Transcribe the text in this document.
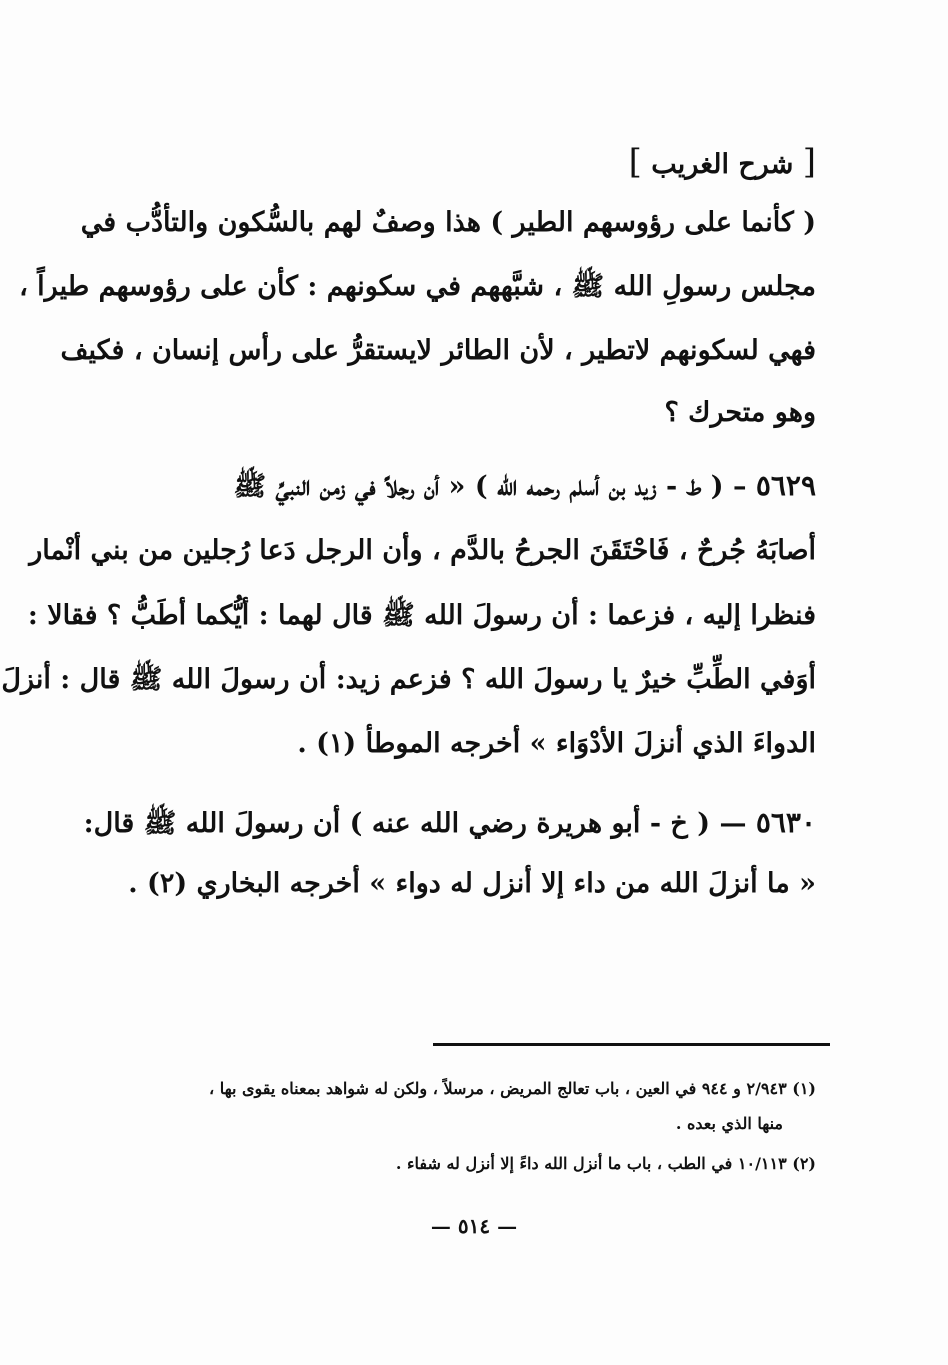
[ شرح الغريب ]
( كأنما على رؤوسهم الطير ) هذا وصفٌ لهم بالسُّكون والتأدُّب في
مجلس رسولِ الله ﷺ ، شبَّههم في سكونهم : كأن على رؤوسهم طيراً ،
فهي لسكونهم لاتطير ، لأن الطائر لايستقرُّ على رأس إنسان ، فكيف
وهو متحرك ؟
٥٦٢٩ – ( ط - زيد بن أسلم رحمه الله ) « أن رجلاً في زمن النبيِّ ﷺ
أصابَهُ جُرحٌ ، فَاحْتَقَنَ الجرحُ بالدَّم ، وأن الرجل دَعا رُجلين من بني أنْمار
فنظرا إليه ، فزعما : أن رسولَ الله ﷺ قال لهما : أيُّكما أطَبُّ ؟ فقالا :
أوَفي الطِّبِّ خيرٌ يا رسولَ الله ؟ فزعم زيد: أن رسولَ الله ﷺ قال : أنزلَ
الدواءَ الذي أنزلَ الأدْوَاء » أخرجه الموطأ (١) .
٥٦٣٠ — ( خ - أبو هريرة رضي الله عنه ) أن رسولَ الله ﷺ قال:
« ما أنزلَ الله من داء إلا أنزل له دواء » أخرجه البخاري (٢) .
(١) ٢/٩٤٣ و ٩٤٤ في العين ، باب تعالج المريض ، مرسلاً ، ولكن له شواهد بمعناه يقوى بها ،
منها الذي بعده .
(٢) ١٠/١١٣ في الطب ، باب ما أنزل الله داءً إلا أنزل له شفاء .
— ٥١٤ —
